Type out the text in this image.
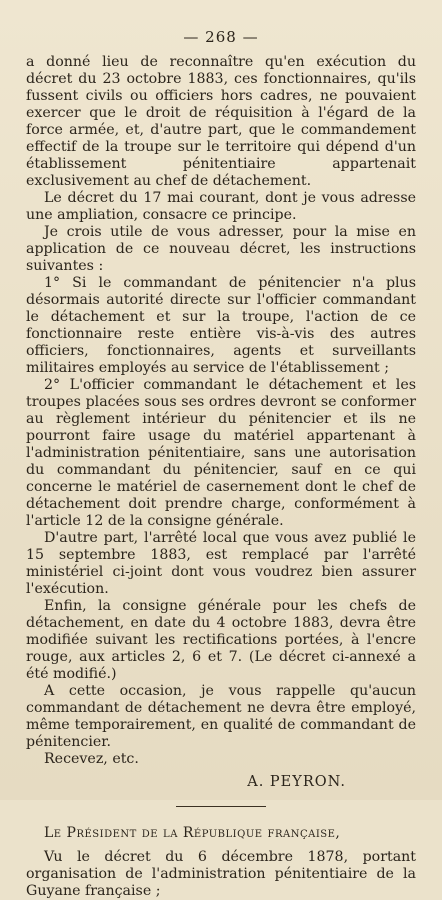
— 268 —

a donné lieu de reconnaître qu'en exécution du décret du 23 octobre 1883, ces fonctionnaires, qu'ils fussent civils ou officiers hors cadres, ne pouvaient exercer que le droit de réquisition à l'égard de la force armée, et, d'autre part, que le commandement effectif de la troupe sur le territoire qui dépend d'un établissement pénitentiaire appartenait exclusivement au chef de détachement.

Le décret du 17 mai courant, dont je vous adresse une ampliation, consacre ce principe.

Je crois utile de vous adresser, pour la mise en application de ce nouveau décret, les instructions suivantes :

1° Si le commandant de pénitencier n'a plus désormais autorité directe sur l'officier commandant le détachement et sur la troupe, l'action de ce fonctionnaire reste entière vis-à-vis des autres officiers, fonctionnaires, agents et surveillants militaires employés au service de l'établissement ;

2° L'officier commandant le détachement et les troupes placées sous ses ordres devront se conformer au règlement intérieur du pénitencier et ils ne pourront faire usage du matériel appartenant à l'administration pénitentiaire, sans une autorisation du commandant du pénitencier, sauf en ce qui concerne le matériel de casernement dont le chef de détachement doit prendre charge, conformément à l'article 12 de la consigne générale.

D'autre part, l'arrêté local que vous avez publié le 15 septembre 1883, est remplacé par l'arrêté ministériel ci-joint dont vous voudrez bien assurer l'exécution.

Enfin, la consigne générale pour les chefs de détachement, en date du 4 octobre 1883, devra être modifiée suivant les rectifications portées, à l'encre rouge, aux articles 2, 6 et 7. (Le décret ci-annexé a été modifié.)

A cette occasion, je vous rappelle qu'aucun commandant de détachement ne devra être employé, même temporairement, en qualité de commandant de pénitencier.

Recevez, etc.

A. PEYRON.

Le Président de la République française,

Vu le décret du 6 décembre 1878, portant organisation de l'administration pénitentiaire de la Guyane française ;
